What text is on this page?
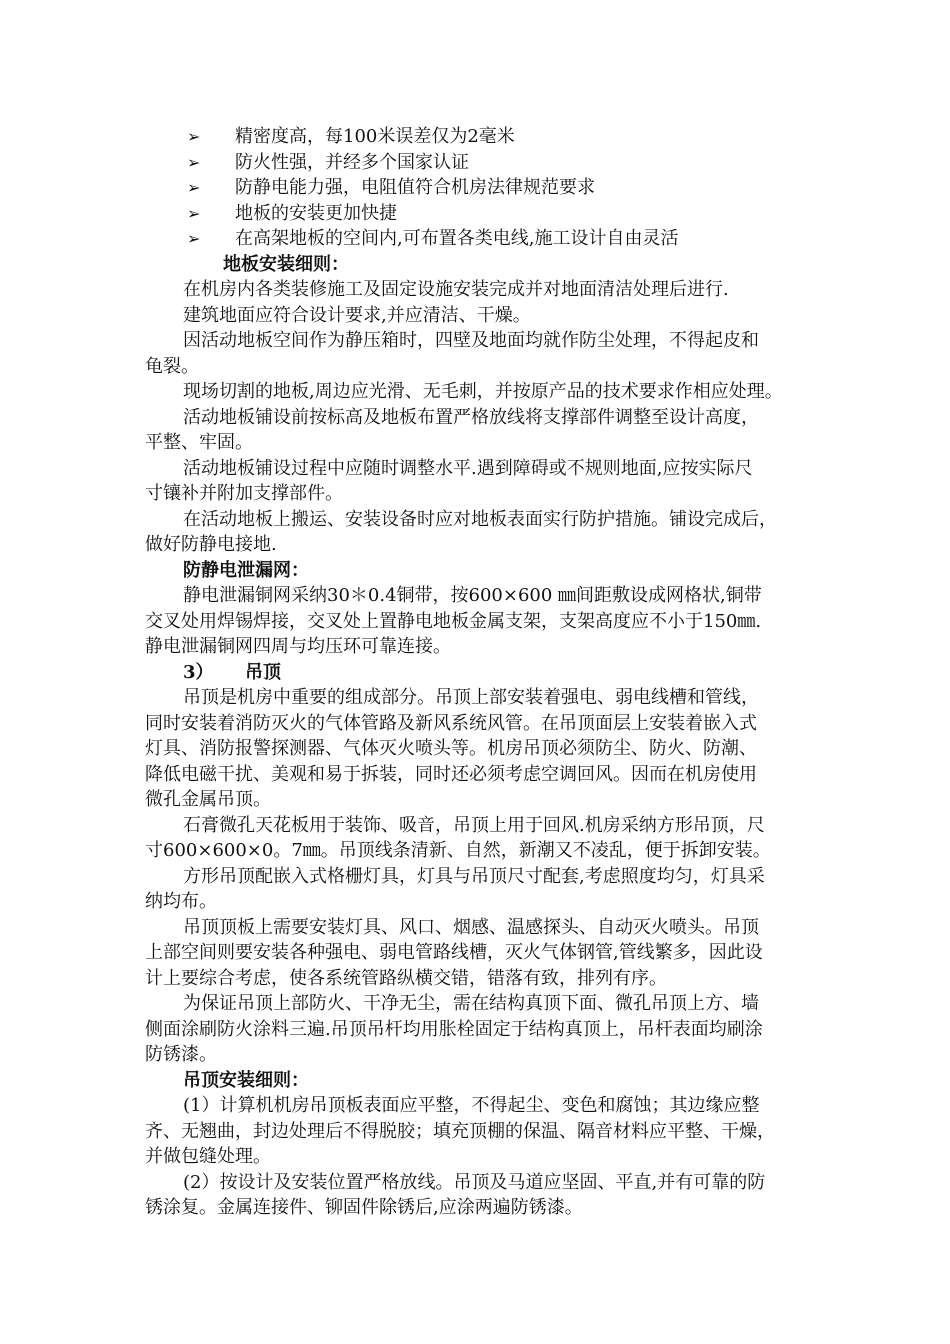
➢	精密度高，每100米误差仅为2毫米
➢	防火性强，并经多个国家认证
➢	防静电能力强，电阻值符合机房法律规范要求
➢	地板的安装更加快捷
➢	在高架地板的空间内,可布置各类电线,施工设计自由灵活
地板安装细则：
在机房内各类装修施工及固定设施安装完成并对地面清洁处理后进行.
建筑地面应符合设计要求,并应清洁、干燥。
因活动地板空间作为静压箱时，四壁及地面均就作防尘处理，不得起皮和
龟裂。
现场切割的地板,周边应光滑、无毛刺，并按原产品的技术要求作相应处理。
活动地板铺设前按标高及地板布置严格放线将支撑部件调整至设计高度，
平整、牢固。
活动地板铺设过程中应随时调整水平.遇到障碍或不规则地面,应按实际尺
寸镶补并附加支撑部件。
在活动地板上搬运、安装设备时应对地板表面实行防护措施。铺设完成后，
做好防静电接地.
防静电泄漏网：
静电泄漏铜网采纳30＊0.4铜带，按600×600 ㎜间距敷设成网格状,铜带
交叉处用焊锡焊接，交叉处上置静电地板金属支架，支架高度应不小于150㎜.
静电泄漏铜网四周与均压环可靠连接。
3） 吊顶
吊顶是机房中重要的组成部分。吊顶上部安装着强电、弱电线槽和管线，
同时安装着消防灭火的气体管路及新风系统风管。在吊顶面层上安装着嵌入式
灯具、消防报警探测器、气体灭火喷头等。机房吊顶必须防尘、防火、防潮、
降低电磁干扰、美观和易于拆装，同时还必须考虑空调回风。因而在机房使用
微孔金属吊顶。
石膏微孔天花板用于装饰、吸音，吊顶上用于回风.机房采纳方形吊顶，尺
寸600×600×0。7㎜。吊顶线条清新、自然，新潮又不凌乱，便于拆卸安装。
方形吊顶配嵌入式格栅灯具，灯具与吊顶尺寸配套,考虑照度均匀，灯具采
纳均布。
吊顶顶板上需要安装灯具、风口、烟感、温感探头、自动灭火喷头。吊顶
上部空间则要安装各种强电、弱电管路线槽，灭火气体钢管,管线繁多，因此设
计上要综合考虑，使各系统管路纵横交错，错落有致，排列有序。
为保证吊顶上部防火、干净无尘，需在结构真顶下面、微孔吊顶上方、墙
侧面涂刷防火涂料三遍.吊顶吊杆均用胀栓固定于结构真顶上，吊杆表面均刷涂
防锈漆。
吊顶安装细则：
(1）计算机机房吊顶板表面应平整，不得起尘、变色和腐蚀；其边缘应整
齐、无翘曲，封边处理后不得脱胶；填充顶棚的保温、隔音材料应平整、干燥，
并做包缝处理。
(2）按设计及安装位置严格放线。吊顶及马道应坚固、平直,并有可靠的防
锈涂复。金属连接件、铆固件除锈后,应涂两遍防锈漆。
